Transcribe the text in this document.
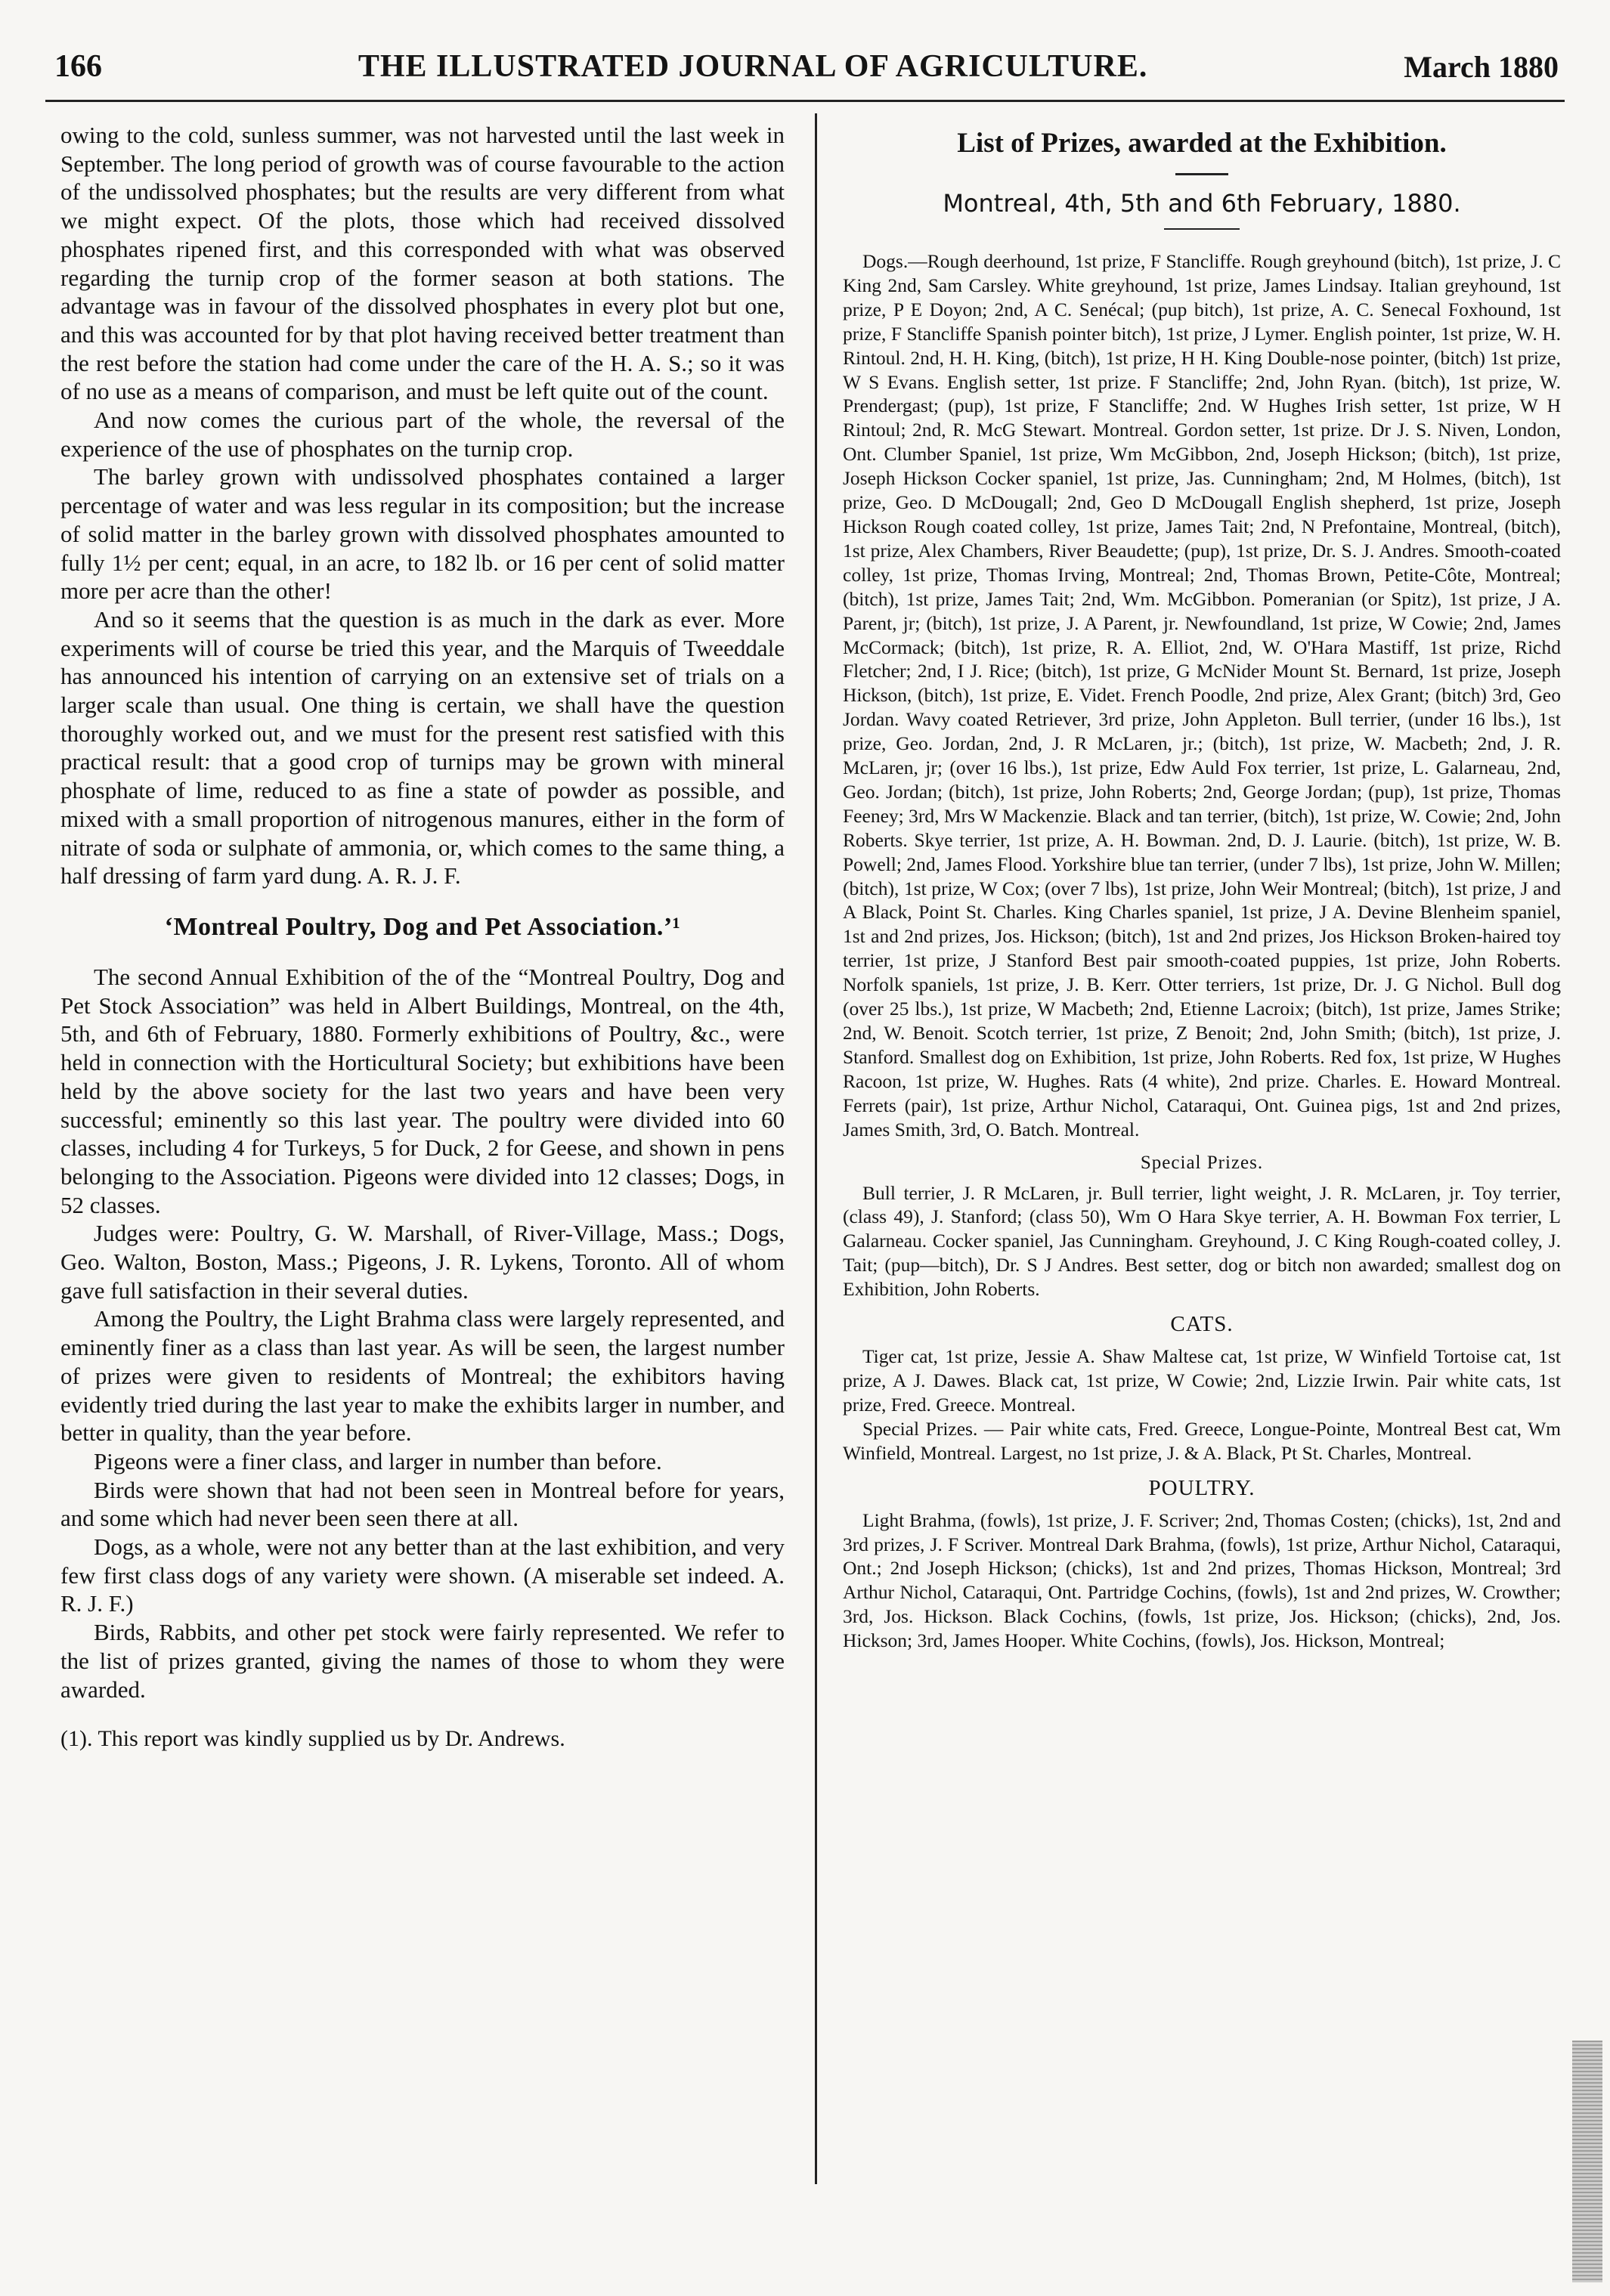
166	THE ILLUSTRATED JOURNAL OF AGRICULTURE.	March 1880

owing to the cold, sunless summer, was not harvested until the last week in September. The long period of growth was of course favourable to the action of the undissolved phosphates; but the results are very different from what we might expect. Of the plots, those which had received dissolved phosphates ripened first, and this corresponded with what was observed regarding the turnip crop of the former season at both stations. The advantage was in favour of the dissolved phosphates in every plot but one, and this was accounted for by that plot having received better treatment than the rest before the station had come under the care of the H. A. S.; so it was of no use as a means of comparison, and must be left quite out of the count.

And now comes the curious part of the whole, the reversal of the experience of the use of phosphates on the turnip crop.

The barley grown with undissolved phosphates contained a larger percentage of water and was less regular in its composition; but the increase of solid matter in the barley grown with dissolved phosphates amounted to fully 1½ per cent; equal, in an acre, to 182 lb. or 16 per cent of solid matter more per acre than the other!

And so it seems that the question is as much in the dark as ever. More experiments will of course be tried this year, and the Marquis of Tweeddale has announced his intention of carrying on an extensive set of trials on a larger scale than usual. One thing is certain, we shall have the question thoroughly worked out, and we must for the present rest satisfied with this practical result: that a good crop of turnips may be grown with mineral phosphate of lime, reduced to as fine a state of powder as possible, and mixed with a small proportion of nitrogenous manures, either in the form of nitrate of soda or sulphate of ammonia, or, which comes to the same thing, a half dressing of farm yard dung. A. R. J. F.

‘Montreal Poultry, Dog and Pet Association.’¹

The second Annual Exhibition of the of the “Montreal Poultry, Dog and Pet Stock Association” was held in Albert Buildings, Montreal, on the 4th, 5th, and 6th of February, 1880. Formerly exhibitions of Poultry, &c., were held in connection with the Horticultural Society; but exhibitions have been held by the above society for the last two years and have been very successful; eminently so this last year. The poultry were divided into 60 classes, including 4 for Turkeys, 5 for Duck, 2 for Geese, and shown in pens belonging to the Association. Pigeons were divided into 12 classes; Dogs, in 52 classes.

Judges were: Poultry, G. W. Marshall, of River-Village, Mass.; Dogs, Geo. Walton, Boston, Mass.; Pigeons, J. R. Lykens, Toronto. All of whom gave full satisfaction in their several duties.

Among the Poultry, the Light Brahma class were largely represented, and eminently finer as a class than last year. As will be seen, the largest number of prizes were given to residents of Montreal; the exhibitors having evidently tried during the last year to make the exhibits larger in number, and better in quality, than the year before.

Pigeons were a finer class, and larger in number than before.

Birds were shown that had not been seen in Montreal before for years, and some which had never been seen there at all.

Dogs, as a whole, were not any better than at the last exhibition, and very few first class dogs of any variety were shown. (A miserable set indeed. A. R. J. F.)

Birds, Rabbits, and other pet stock were fairly represented. We refer to the list of prizes granted, giving the names of those to whom they were awarded.

(1). This report was kindly supplied us by Dr. Andrews.

List of Prizes, awarded at the Exhibition.
Montreal, 4th, 5th and 6th February, 1880.

Dogs.—Rough deerhound, 1st prize, F Stancliffe. Rough greyhound (bitch), 1st prize, J. C King 2nd, Sam Carsley. White greyhound, 1st prize, James Lindsay. Italian greyhound, 1st prize, P E Doyon; 2nd, A C. Senécal; (pup bitch), 1st prize, A. C. Senecal Foxhound, 1st prize, F Stancliffe Spanish pointer bitch), 1st prize, J Lymer. English pointer, 1st prize, W. H. Rintoul. 2nd, H. H. King, (bitch), 1st prize, H H. King Double-nose pointer, (bitch) 1st prize, W S Evans. English setter, 1st prize. F Stancliffe; 2nd, John Ryan. (bitch), 1st prize, W. Prendergast; (pup), 1st prize, F Stancliffe; 2nd. W Hughes Irish setter, 1st prize, W H Rintoul; 2nd, R. McG Stewart. Montreal. Gordon setter, 1st prize. Dr J. S. Niven, London, Ont. Clumber Spaniel, 1st prize, Wm McGibbon, 2nd, Joseph Hickson; (bitch), 1st prize, Joseph Hickson Cocker spaniel, 1st prize, Jas. Cunningham; 2nd, M Holmes, (bitch), 1st prize, Geo. D McDougall; 2nd, Geo D McDougall English shepherd, 1st prize, Joseph Hickson Rough coated colley, 1st prize, James Tait; 2nd, N Prefontaine, Montreal, (bitch), 1st prize, Alex Chambers, River Beaudette; (pup), 1st prize, Dr. S. J. Andres. Smooth-coated colley, 1st prize, Thomas Irving, Montreal; 2nd, Thomas Brown, Petite-Côte, Montreal; (bitch), 1st prize, James Tait; 2nd, Wm. McGibbon. Pomeranian (or Spitz), 1st prize, J A. Parent, jr; (bitch), 1st prize, J. A Parent, jr. Newfoundland, 1st prize, W Cowie; 2nd, James McCormack; (bitch), 1st prize, R. A. Elliot, 2nd, W. O'Hara Mastiff, 1st prize, Richd Fletcher; 2nd, I J. Rice; (bitch), 1st prize, G McNider Mount St. Bernard, 1st prize, Joseph Hickson, (bitch), 1st prize, E. Videt. French Poodle, 2nd prize, Alex Grant; (bitch) 3rd, Geo Jordan. Wavy coated Retriever, 3rd prize, John Appleton. Bull terrier, (under 16 lbs.), 1st prize, Geo. Jordan, 2nd, J. R McLaren, jr.; (bitch), 1st prize, W. Macbeth; 2nd, J. R. McLaren, jr; (over 16 lbs.), 1st prize, Edw Auld Fox terrier, 1st prize, L. Galarneau, 2nd, Geo. Jordan; (bitch), 1st prize, John Roberts; 2nd, George Jordan; (pup), 1st prize, Thomas Feeney; 3rd, Mrs W Mackenzie. Black and tan terrier, (bitch), 1st prize, W. Cowie; 2nd, John Roberts. Skye terrier, 1st prize, A. H. Bowman. 2nd, D. J. Laurie. (bitch), 1st prize, W. B. Powell; 2nd, James Flood. Yorkshire blue tan terrier, (under 7 lbs), 1st prize, John W. Millen; (bitch), 1st prize, W Cox; (over 7 lbs), 1st prize, John Weir Montreal; (bitch), 1st prize, J and A Black, Point St. Charles. King Charles spaniel, 1st prize, J A. Devine Blenheim spaniel, 1st and 2nd prizes, Jos. Hickson; (bitch), 1st and 2nd prizes, Jos Hickson Broken-haired toy terrier, 1st prize, J Stanford Best pair smooth-coated puppies, 1st prize, John Roberts. Norfolk spaniels, 1st prize, J. B. Kerr. Otter terriers, 1st prize, Dr. J. G Nichol. Bull dog (over 25 lbs.), 1st prize, W Macbeth; 2nd, Etienne Lacroix; (bitch), 1st prize, James Strike; 2nd, W. Benoit. Scotch terrier, 1st prize, Z Benoit; 2nd, John Smith; (bitch), 1st prize, J. Stanford. Smallest dog on Exhibition, 1st prize, John Roberts. Red fox, 1st prize, W Hughes Racoon, 1st prize, W. Hughes. Rats (4 white), 2nd prize. Charles. E. Howard Montreal. Ferrets (pair), 1st prize, Arthur Nichol, Cataraqui, Ont. Guinea pigs, 1st and 2nd prizes, James Smith, 3rd, O. Batch. Montreal.

Special Prizes.

Bull terrier, J. R McLaren, jr. Bull terrier, light weight, J. R. McLaren, jr. Toy terrier, (class 49), J. Stanford; (class 50), Wm O Hara Skye terrier, A. H. Bowman Fox terrier, L Galarneau. Cocker spaniel, Jas Cunningham. Greyhound, J. C King Rough-coated colley, J. Tait; (pup—bitch), Dr. S J Andres. Best setter, dog or bitch non awarded; smallest dog on Exhibition, John Roberts.

CATS.

Tiger cat, 1st prize, Jessie A. Shaw Maltese cat, 1st prize, W Winfield Tortoise cat, 1st prize, A J. Dawes. Black cat, 1st prize, W Cowie; 2nd, Lizzie Irwin. Pair white cats, 1st prize, Fred. Greece. Montreal.

Special Prizes. — Pair white cats, Fred. Greece, Longue-Pointe, Montreal Best cat, Wm Winfield, Montreal. Largest, no 1st prize, J. & A. Black, Pt St. Charles, Montreal.

POULTRY.

Light Brahma, (fowls), 1st prize, J. F. Scriver; 2nd, Thomas Costen; (chicks), 1st, 2nd and 3rd prizes, J. F Scriver. Montreal Dark Brahma, (fowls), 1st prize, Arthur Nichol, Cataraqui, Ont.; 2nd Joseph Hickson; (chicks), 1st and 2nd prizes, Thomas Hickson, Montreal; 3rd Arthur Nichol, Cataraqui, Ont. Partridge Cochins, (fowls), 1st and 2nd prizes, W. Crowther; 3rd, Jos. Hickson. Black Cochins, (fowls, 1st prize, Jos. Hickson; (chicks), 2nd, Jos. Hickson; 3rd, James Hooper. White Cochins, (fowls), Jos. Hickson, Montreal;
